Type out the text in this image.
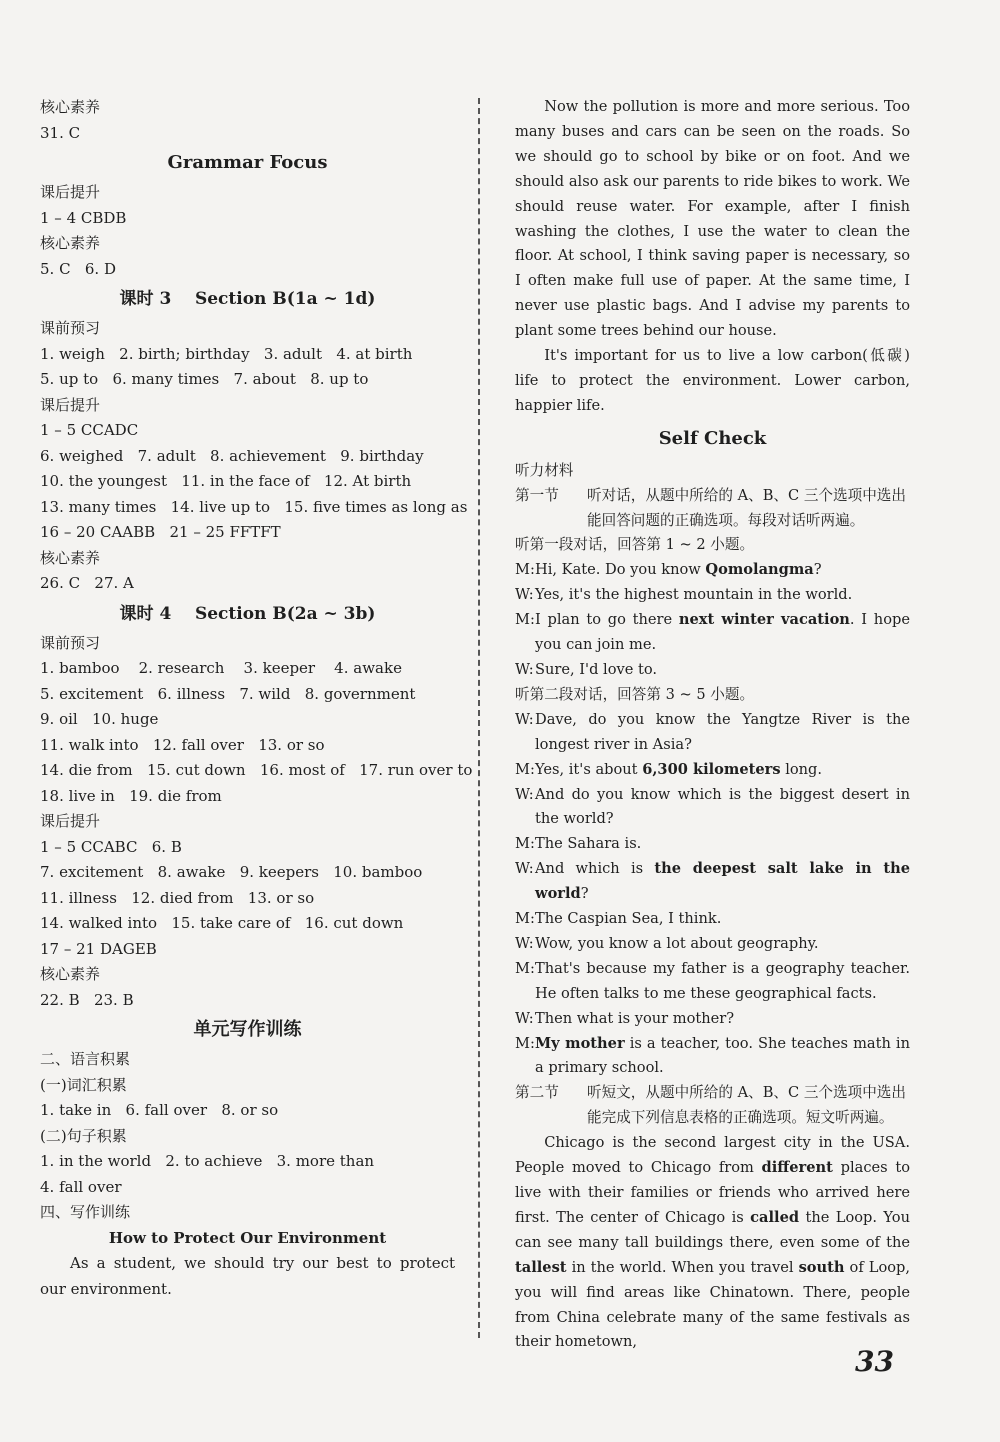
核心素养
31. C
Grammar Focus
课后提升
1 – 4 CBDB
核心素养
5. C   6. D
课时 3    Section B(1a ~ 1d)
课前预习
1. weigh   2. birth; birthday   3. adult   4. at birth
5. up to   6. many times   7. about   8. up to
课后提升
1 – 5 CCADC
6. weighed   7. adult   8. achievement   9. birthday
10. the youngest   11. in the face of   12. At birth
13. many times   14. live up to   15. five times as long as
16 – 20 CAABB   21 – 25 FFTFT
核心素养
26. C   27. A
课时 4    Section B(2a ~ 3b)
课前预习
1. bamboo    2. research    3. keeper    4. awake
5. excitement   6. illness   7. wild   8. government
9. oil   10. huge
11. walk into   12. fall over   13. or so
14. die from   15. cut down   16. most of   17. run over to
18. live in   19. die from
课后提升
1 – 5 CCABC   6. B
7. excitement   8. awake   9. keepers   10. bamboo
11. illness   12. died from   13. or so
14. walked into   15. take care of   16. cut down
17 – 21 DAGEB
核心素养
22. B   23. B
单元写作训练
二、语言积累
(一)词汇积累
1. take in   6. fall over   8. or so
(二)句子积累
1. in the world   2. to achieve   3. more than
4. fall over
四、写作训练
How to Protect Our Environment
As a student, we should try our best to protect our environment.
Now the pollution is more and more serious. Too many buses and cars can be seen on the roads. So we should go to school by bike or on foot. And we should also ask our parents to ride bikes to work. We should reuse water. For example, after I finish washing the clothes, I use the water to clean the floor. At school, I think saving paper is necessary, so I often make full use of paper. At the same time, I never use plastic bags. And I advise my parents to plant some trees behind our house.
It's important for us to live a low carbon(低碳) life to protect the environment. Lower carbon, happier life.
Self Check
听力材料
第一节	听对话，从题中所给的 A、B、C 三个选项中选出能回答问题的正确选项。每段对话听两遍。
听第一段对话，回答第 1 ~ 2 小题。
M: Hi, Kate. Do you know Qomolangma?
W: Yes, it's the highest mountain in the world.
M: I plan to go there next winter vacation. I hope you can join me.
W: Sure, I'd love to.
听第二段对话，回答第 3 ~ 5 小题。
W: Dave, do you know the Yangtze River is the longest river in Asia?
M: Yes, it's about 6,300 kilometers long.
W: And do you know which is the biggest desert in the world?
M: The Sahara is.
W: And which is the deepest salt lake in the world?
M: The Caspian Sea, I think.
W: Wow, you know a lot about geography.
M: That's because my father is a geography teacher. He often talks to me these geographical facts.
W: Then what is your mother?
M: My mother is a teacher, too. She teaches math in a primary school.
第二节	听短文，从题中所给的 A、B、C 三个选项中选出能完成下列信息表格的正确选项。短文听两遍。
Chicago is the second largest city in the USA. People moved to Chicago from different places to live with their families or friends who arrived here first. The center of Chicago is called the Loop. You can see many tall buildings there, even some of the tallest in the world. When you travel south of Loop, you will find areas like Chinatown. There, people from China celebrate many of the same festivals as their hometown,
33
